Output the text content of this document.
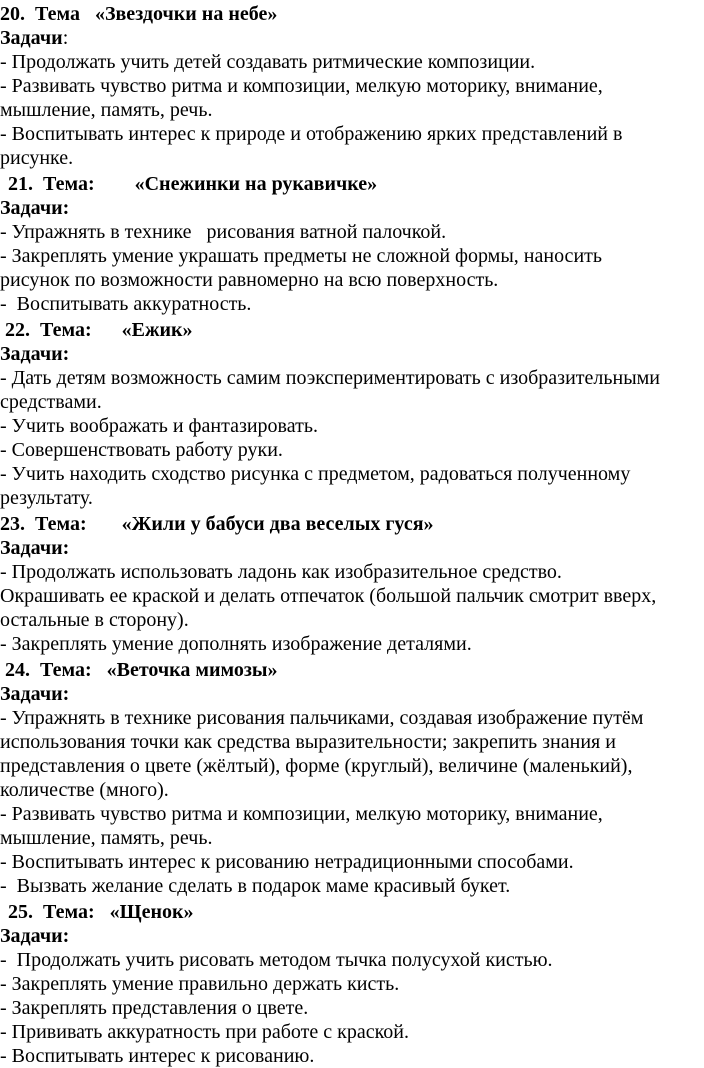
20. Тема «Звездочки на небе»
Задачи:
- Продолжать учить детей создавать ритмические композиции.
- Развивать чувство ритма и композиции, мелкую моторику, внимание,
мышление, память, речь.
- Воспитывать интерес к природе и отображению ярких представлений в
рисунке.
21. Тема: «Снежинки на рукавичке»
Задачи:
- Упражнять в технике   рисования ватной палочкой.
- Закреплять умение украшать предметы не сложной формы, наносить
рисунок по возможности равномерно на всю поверхность.
-  Воспитывать аккуратность.
22. Тема: «Ежик»
Задачи:
- Дать детям возможность самим поэкспериментировать с изобразительными
средствами.
- Учить воображать и фантазировать.
- Совершенствовать работу руки.
- Учить находить сходство рисунка с предметом, радоваться полученному
результату.
23. Тема: «Жили у бабуси два веселых гуся»
Задачи:
- Продолжать использовать ладонь как изобразительное средство.
Окрашивать ее краской и делать отпечаток (большой пальчик смотрит вверх,
остальные в сторону).
- Закреплять умение дополнять изображение деталями.
24. Тема: «Веточка мимозы»
Задачи:
- Упражнять в технике рисования пальчиками, создавая изображение путём
использования точки как средства выразительности; закрепить знания и
представления о цвете (жёлтый), форме (круглый), величине (маленький),
количестве (много).
- Развивать чувство ритма и композиции, мелкую моторику, внимание,
мышление, память, речь.
- Воспитывать интерес к рисованию нетрадиционными способами.
-  Вызвать желание сделать в подарок маме красивый букет.
25. Тема: «Щенок»
Задачи:
-  Продолжать учить рисовать методом тычка полусухой кистью.
- Закреплять умение правильно держать кисть.
- Закреплять представления о цвете.
- Прививать аккуратность при работе с краской.
- Воспитывать интерес к рисованию.
